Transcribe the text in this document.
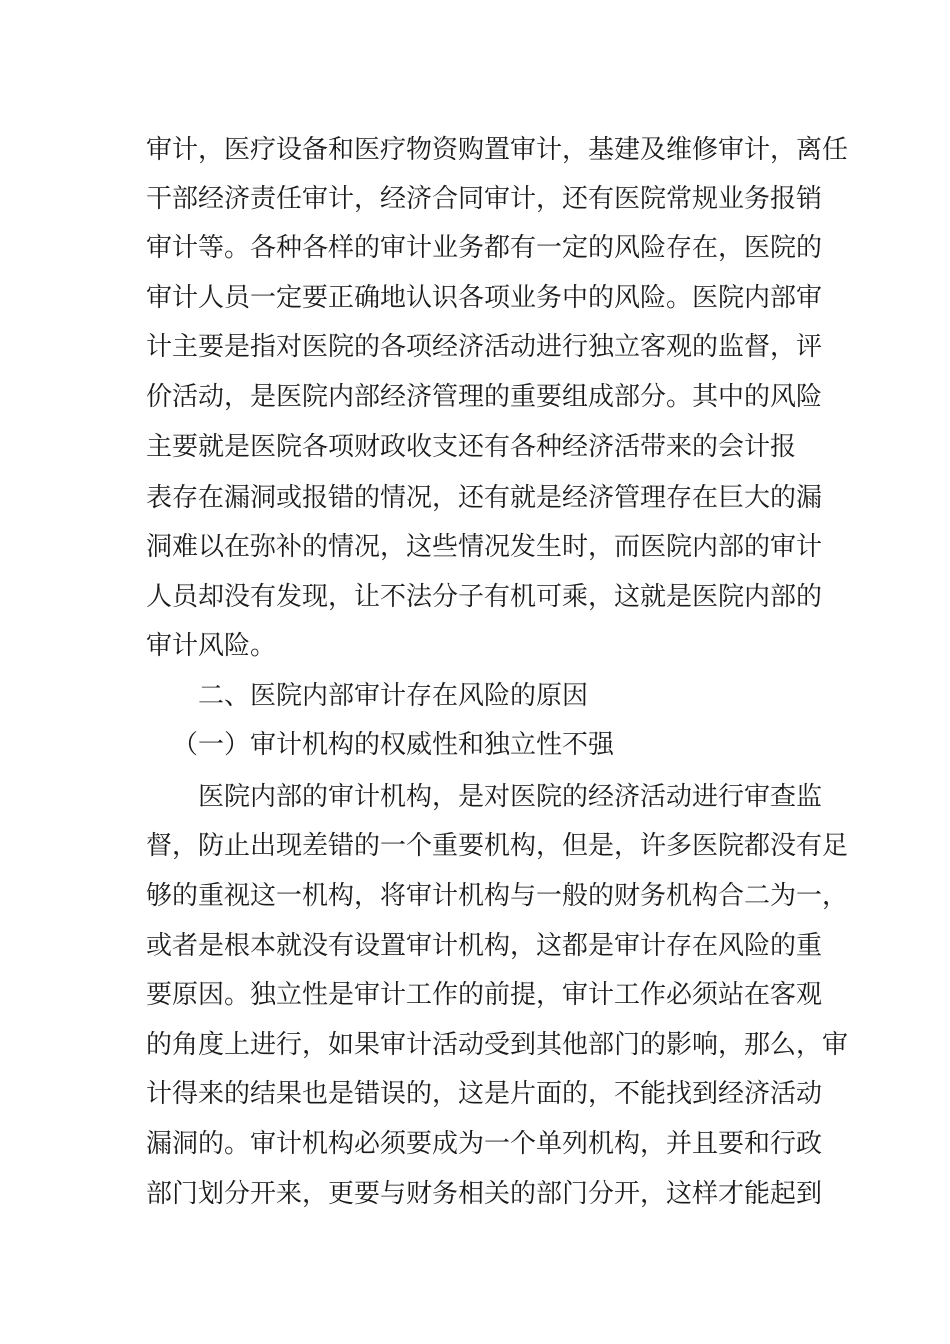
审计，医疗设备和医疗物资购置审计，基建及维修审计，离任
干部经济责任审计，经济合同审计，还有医院常规业务报销
审计等。各种各样的审计业务都有一定的风险存在，医院的
审计人员一定要正确地认识各项业务中的风险。医院内部审
计主要是指对医院的各项经济活动进行独立客观的监督，评
价活动，是医院内部经济管理的重要组成部分。其中的风险
主要就是医院各项财政收支还有各种经济活带来的会计报
表存在漏洞或报错的情况，还有就是经济管理存在巨大的漏
洞难以在弥补的情况，这些情况发生时，而医院内部的审计
人员却没有发现，让不法分子有机可乘，这就是医院内部的
审计风险。
二、医院内部审计存在风险的原因
（一）审计机构的权威性和独立性不强
医院内部的审计机构，是对医院的经济活动进行审查监
督，防止出现差错的一个重要机构，但是，许多医院都没有足
够的重视这一机构，将审计机构与一般的财务机构合二为一，
或者是根本就没有设置审计机构，这都是审计存在风险的重
要原因。独立性是审计工作的前提，审计工作必须站在客观
的角度上进行，如果审计活动受到其他部门的影响，那么，审
计得来的结果也是错误的，这是片面的，不能找到经济活动
漏洞的。审计机构必须要成为一个单列机构，并且要和行政
部门划分开来，更要与财务相关的部门分开，这样才能起到
